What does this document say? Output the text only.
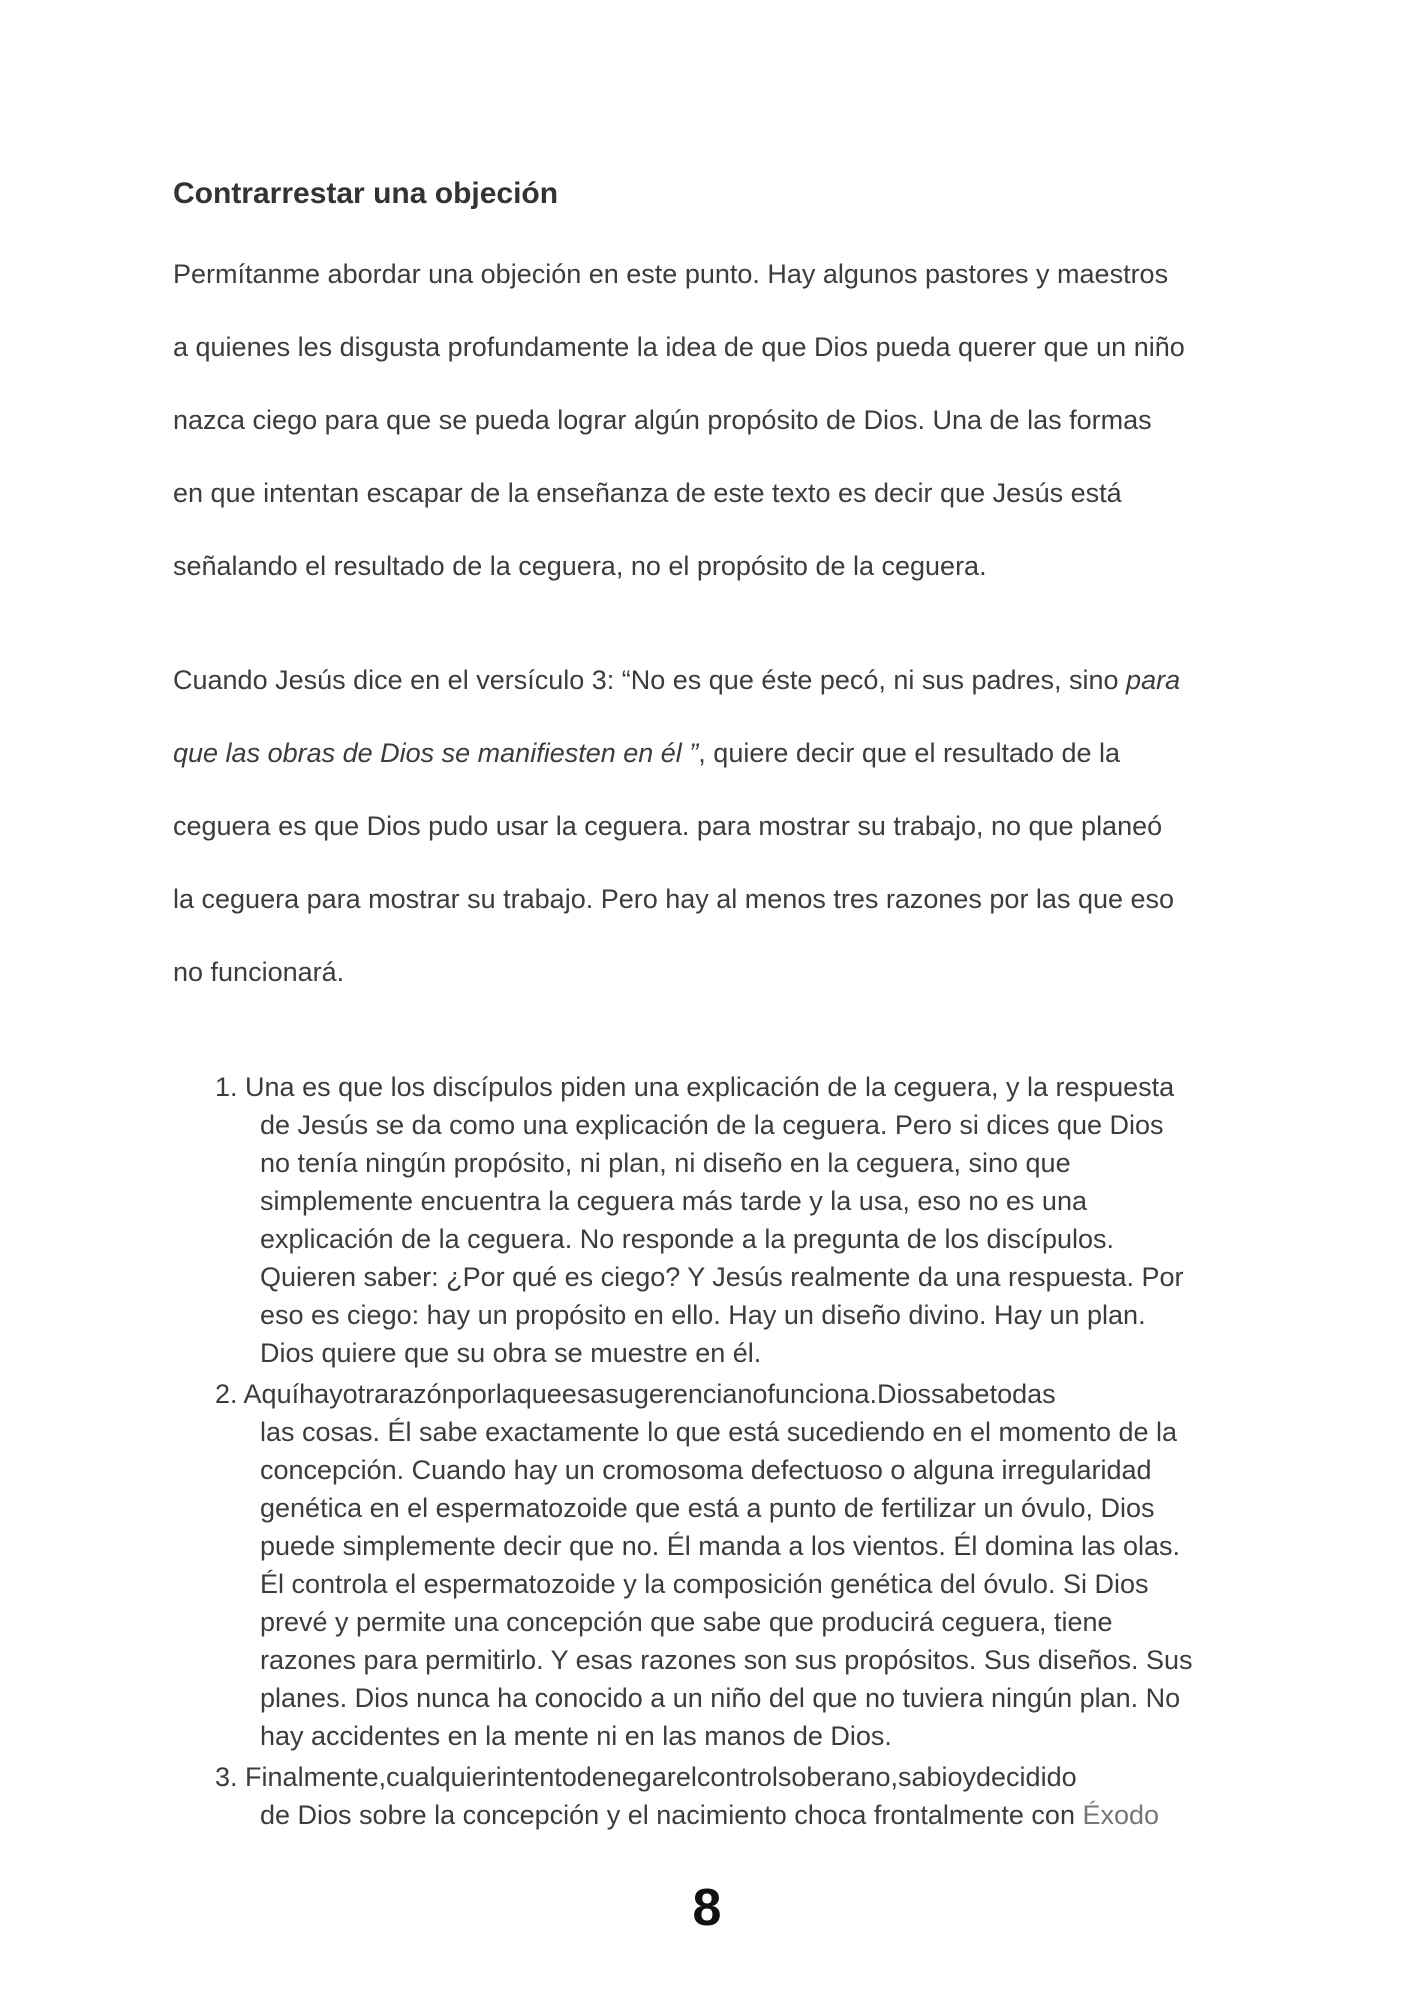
Contrarrestar una objeción

Permítanme abordar una objeción en este punto. Hay algunos pastores y maestros
a quienes les disgusta profundamente la idea de que Dios pueda querer que un niño
nazca ciego para que se pueda lograr algún propósito de Dios. Una de las formas
en que intentan escapar de la enseñanza de este texto es decir que Jesús está
señalando el resultado de la ceguera, no el propósito de la ceguera.

Cuando Jesús dice en el versículo 3: “No es que éste pecó, ni sus padres, sino para
que las obras de Dios se manifiesten en él ”, quiere decir que el resultado de la
ceguera es que Dios pudo usar la ceguera. para mostrar su trabajo, no que planeó
la ceguera para mostrar su trabajo. Pero hay al menos tres razones por las que eso
no funcionará.

1. Una es que los discípulos piden una explicación de la ceguera, y la respuesta
de Jesús se da como una explicación de la ceguera. Pero si dices que Dios
no tenía ningún propósito, ni plan, ni diseño en la ceguera, sino que
simplemente encuentra la ceguera más tarde y la usa, eso no es una
explicación de la ceguera. No responde a la pregunta de los discípulos.
Quieren saber: ¿Por qué es ciego? Y Jesús realmente da una respuesta. Por
eso es ciego: hay un propósito en ello. Hay un diseño divino. Hay un plan.
Dios quiere que su obra se muestre en él.
2. Aquíhayotrarazónporlaqueesasugerencianofunciona.Diossabetodas
las cosas. Él sabe exactamente lo que está sucediendo en el momento de la
concepción. Cuando hay un cromosoma defectuoso o alguna irregularidad
genética en el espermatozoide que está a punto de fertilizar un óvulo, Dios
puede simplemente decir que no. Él manda a los vientos. Él domina las olas.
Él controla el espermatozoide y la composición genética del óvulo. Si Dios
prevé y permite una concepción que sabe que producirá ceguera, tiene
razones para permitirlo. Y esas razones son sus propósitos. Sus diseños. Sus
planes. Dios nunca ha conocido a un niño del que no tuviera ningún plan. No
hay accidentes en la mente ni en las manos de Dios.
3. Finalmente,cualquierintentodenegarelcontrolsoberano,sabioydecidido
de Dios sobre la concepción y el nacimiento choca frontalmente con Éxodo
8
